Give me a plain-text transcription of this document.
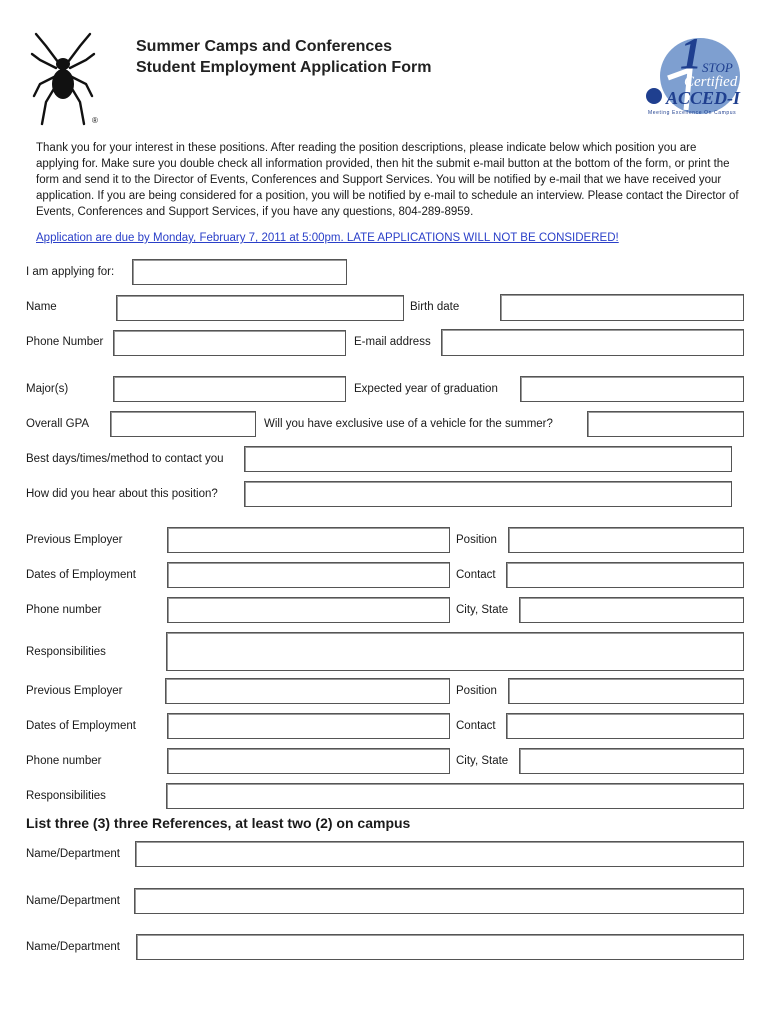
®
Summer Camps and Conferences
Student Employment Application Form	1 STOP
Certified
ACCED-I
Meeting Excellence On Campus
Thank you for your interest in these positions. After reading the position descriptions, please indicate below which position you are applying for. Make sure you double check all information provided, then hit the submit e-mail button at the bottom of the form, or print the form and send it to the Director of Events, Conferences and Support Services. You will be notified by e-mail that we have received your application. If you are being considered for a position, you will be notified by e-mail to schedule an interview. Please contact the Director of Events, Conferences and Support Services, if you have any questions, 804-289-8959.
Application are due by Monday, February 7, 2011 at 5:00pm. LATE APPLICATIONS WILL NOT BE CONSIDERED!
I am applying for:
Name	Birth date
Phone Number	E-mail address
Major(s)	Expected year of graduation
Overall GPA	Will you have exclusive use of a vehicle for the summer?
Best days/times/method to contact you
How did you hear about this position?
Previous Employer	Position
Dates of Employment	Contact
Phone number	City, State
Responsibilities
Previous Employer	Position
Dates of Employment	Contact
Phone number	City, State
Responsibilities
List three (3) three References, at least two (2) on campus
Name/Department
Name/Department
Name/Department
